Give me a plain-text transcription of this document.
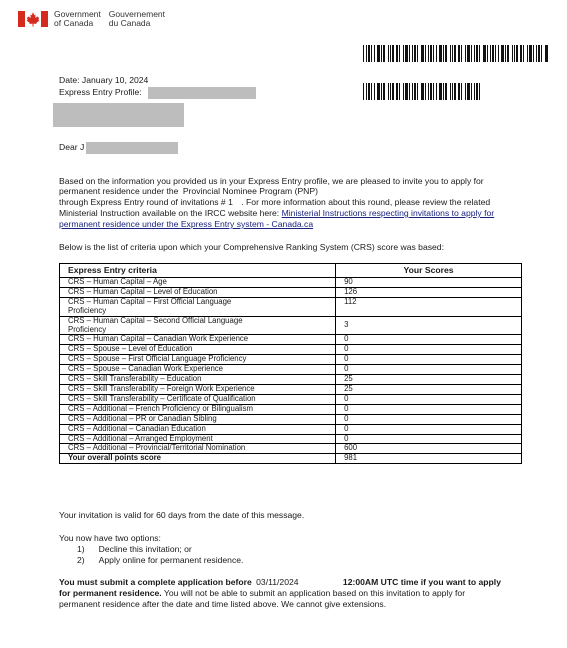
Government
of Canada
Gouvernement
du Canada
Date: January 10, 2024
Express Entry Profile:
Dear J
Based on the information you provided us in your Express Entry profile, we are pleased to invite you to apply for
permanent residence under the Provincial Nominee Program (PNP)
through Express Entry round of invitations # 1 . For more information about this round, please review the related
Ministerial Instruction available on the IRCC website here: Ministerial Instructions respecting invitations to apply for
permanent residence under the Express Entry system - Canada.ca
Below is the list of criteria upon which your Comprehensive Ranking System (CRS) score was based:
Express Entry criteria	Your Scores
CRS – Human Capital – Age	90
CRS – Human Capital – Level of Education	126
CRS – Human Capital – First Official Language Proficiency	112
CRS – Human Capital – Second Official Language Proficiency	3
CRS – Human Capital – Canadian Work Experience	0
CRS – Spouse – Level of Education	0
CRS – Spouse – First Official Language Proficiency	0
CRS – Spouse – Canadian Work Experience	0
CRS – Skill Transferability – Education	25
CRS – Skill Transferability – Foreign Work Experience	25
CRS – Skill Transferability – Certificate of Qualification	0
CRS – Additional – French Proficiency or Bilingualism	0
CRS – Additional – PR or Canadian Sibling	0
CRS – Additional – Canadian Education	0
CRS – Additional – Arranged Employment	0
CRS – Additional – Provincial/Territorial Nomination	600
Your overall points score	981
Your invitation is valid for 60 days from the date of this message.
You now have two options:
1) Decline this invitation; or
2) Apply online for permanent residence.
You must submit a complete application before 03/11/2024	12:00AM UTC time if you want to apply
for permanent residence. You will not be able to submit an application based on this invitation to apply for
permanent residence after the date and time listed above. We cannot give extensions.
